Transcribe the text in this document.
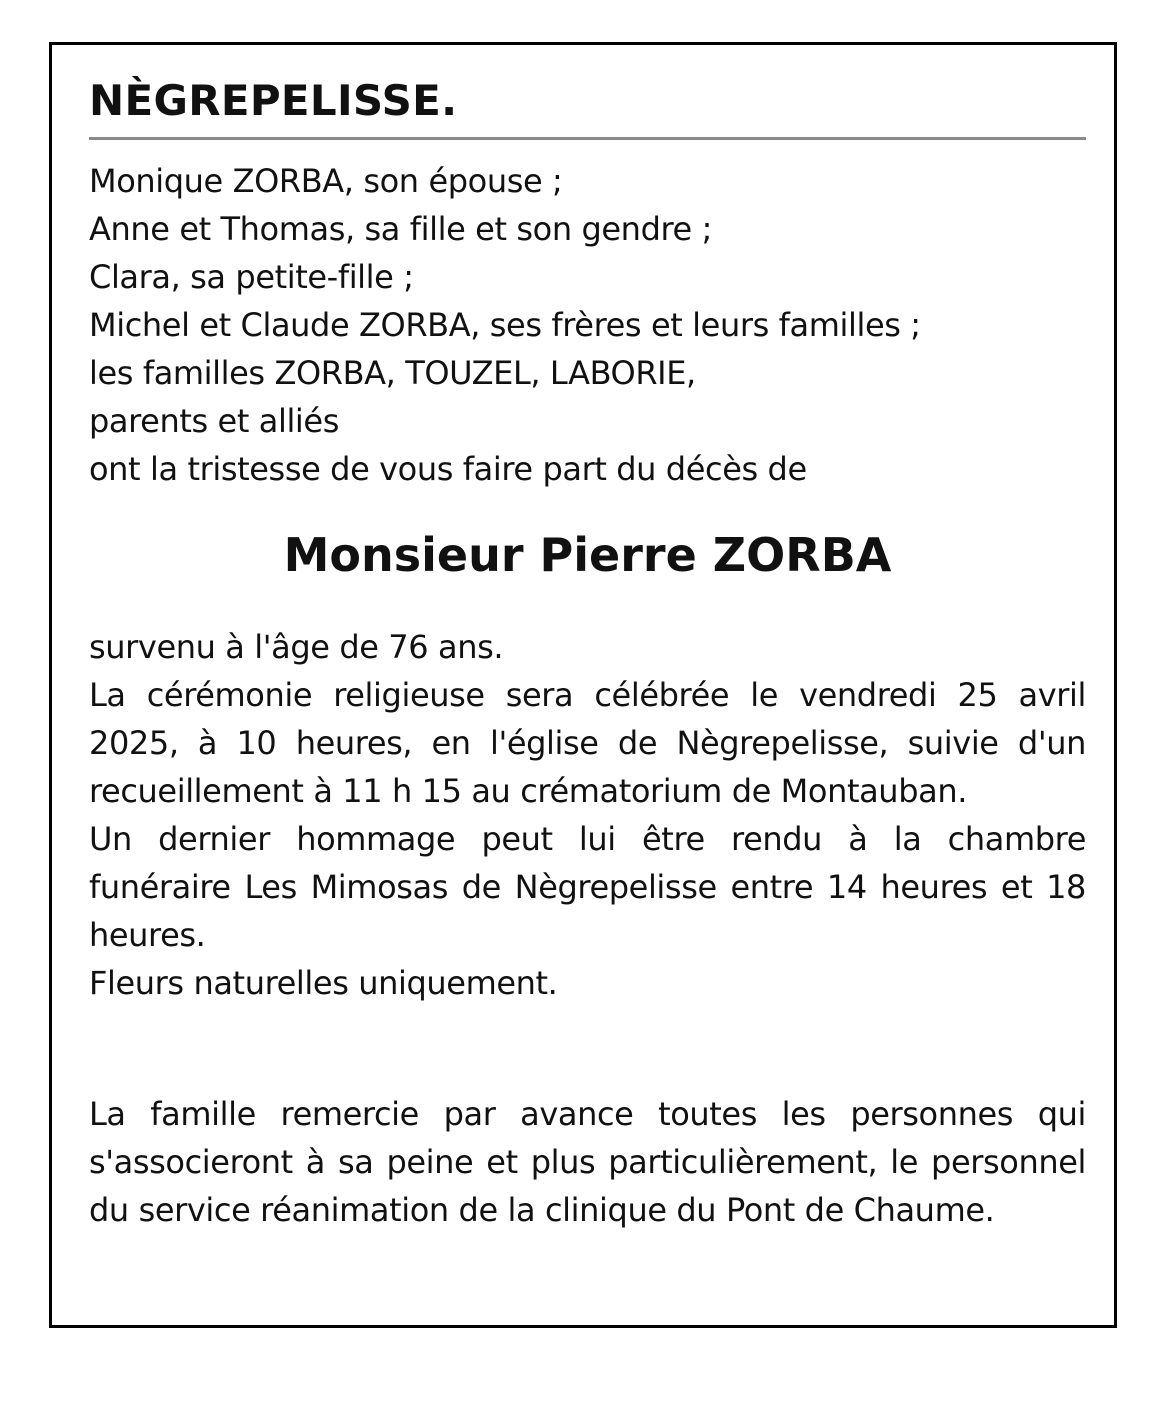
NÈGREPELISSE.
Monique ZORBA, son épouse ;
Anne et Thomas, sa fille et son gendre ;
Clara, sa petite-fille ;
Michel et Claude ZORBA, ses frères et leurs familles ;
les familles ZORBA, TOUZEL, LABORIE,
parents et alliés
ont la tristesse de vous faire part du décès de
Monsieur Pierre ZORBA
survenu à l'âge de 76 ans.
La cérémonie religieuse sera célébrée le vendredi 25 avril 2025, à 10 heures, en l'église de Nègrepelisse, suivie d'un recueillement à 11 h 15 au crématorium de Montauban.
Un dernier hommage peut lui être rendu à la chambre funéraire Les Mimosas de Nègrepelisse entre 14 heures et 18 heures.
Fleurs naturelles uniquement.
La famille remercie par avance toutes les personnes qui s'associeront à sa peine et plus particulièrement, le personnel du service réanimation de la clinique du Pont de Chaume.
